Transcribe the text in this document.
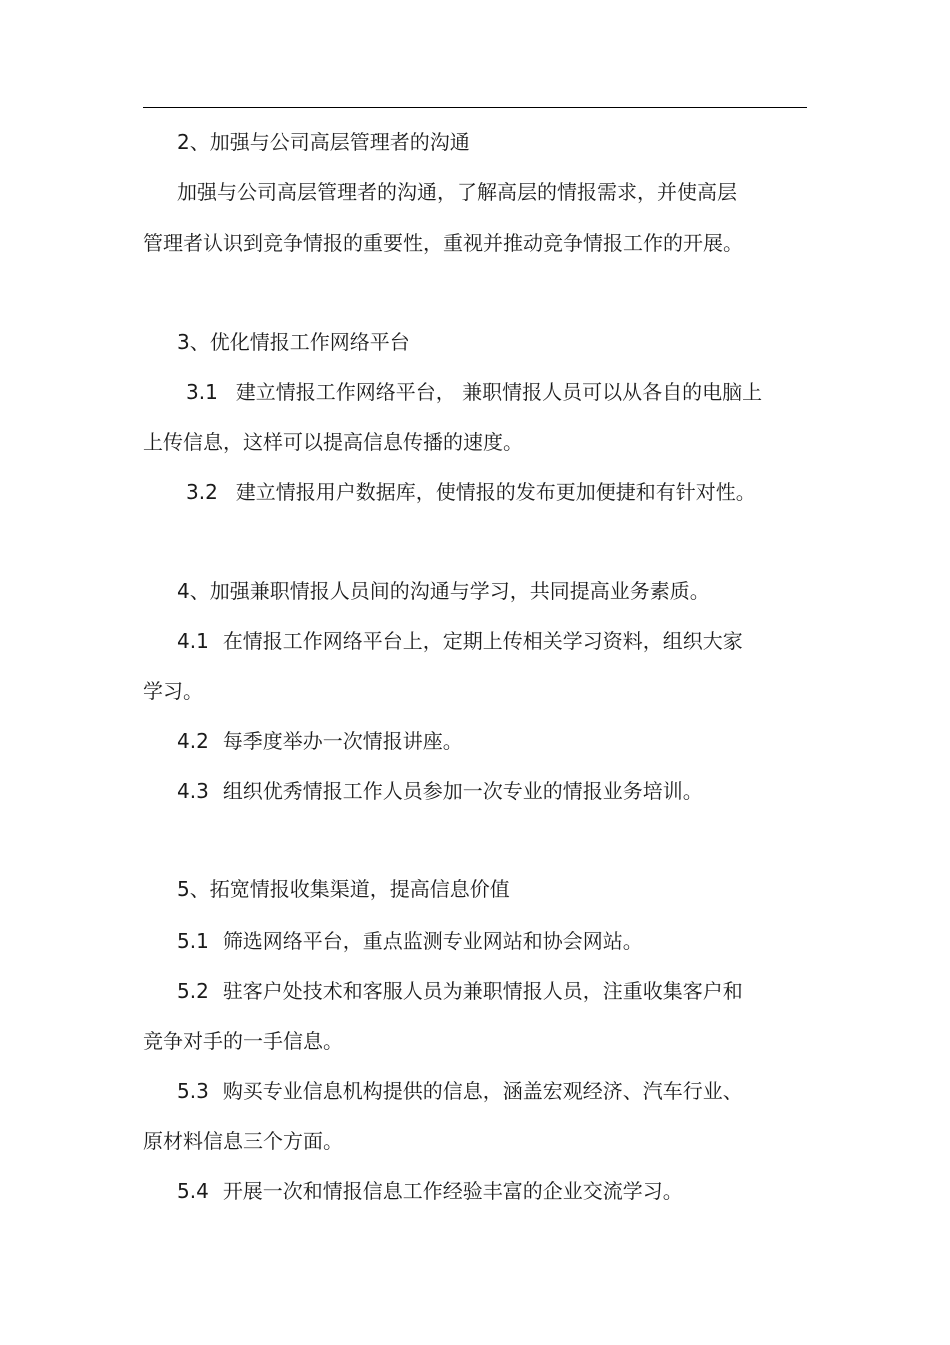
2、加强与公司高层管理者的沟通
加强与公司高层管理者的沟通，了解高层的情报需求，并使高层
管理者认识到竞争情报的重要性，重视并推动竞争情报工作的开展。
3、优化情报工作网络平台
3.1 建立情报工作网络平台， 兼职情报人员可以从各自的电脑上
上传信息，这样可以提高信息传播的速度。
3.2 建立情报用户数据库，使情报的发布更加便捷和有针对性。
4、加强兼职情报人员间的沟通与学习，共同提高业务素质。
4.1 在情报工作网络平台上，定期上传相关学习资料，组织大家
学习。
4.2 每季度举办一次情报讲座。
4.3 组织优秀情报工作人员参加一次专业的情报业务培训。
5、拓宽情报收集渠道，提高信息价值
5.1 筛选网络平台，重点监测专业网站和协会网站。
5.2 驻客户处技术和客服人员为兼职情报人员，注重收集客户和
竞争对手的一手信息。
5.3 购买专业信息机构提供的信息，涵盖宏观经济、汽车行业、
原材料信息三个方面。
5.4 开展一次和情报信息工作经验丰富的企业交流学习。
